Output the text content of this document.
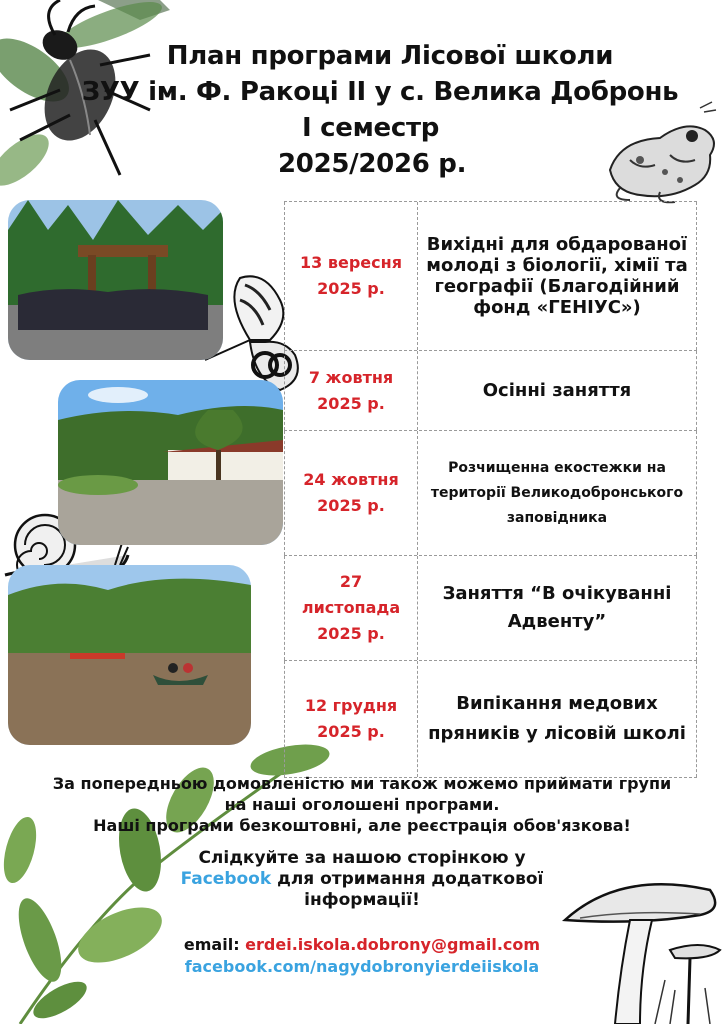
План програми Лісової школи
ЗУУ ім. Ф. Ракоці ІІ у с. Велика Добронь
І семестр
2025/2026 р.
13 вересня 2025 р.
Вихідні для обдарованої молоді з біології, хімії та географії (Благодійний фонд «ГЕНІУС»)
7 жовтня 2025 р.
Осінні заняття
24 жовтня 2025 р.
Розчищенна екостежки на території Великодобронського заповідника
27 листопада 2025 р.
Заняття “В очікуванні Адвенту”
12 грудня 2025 р.
Випікання медових пряників у лісовій школі
За попередньою домовленістю ми також можемо приймати групи
на наші оголошені програми.
Наші програми безкоштовні, але реєстрація обов'язкова!
Слідкуйте за нашою сторінкою у
Facebook для отримання додаткової
інформації!
email: erdei.iskola.dobrony@gmail.com
facebook.com/nagydobronyierdeiiskola
